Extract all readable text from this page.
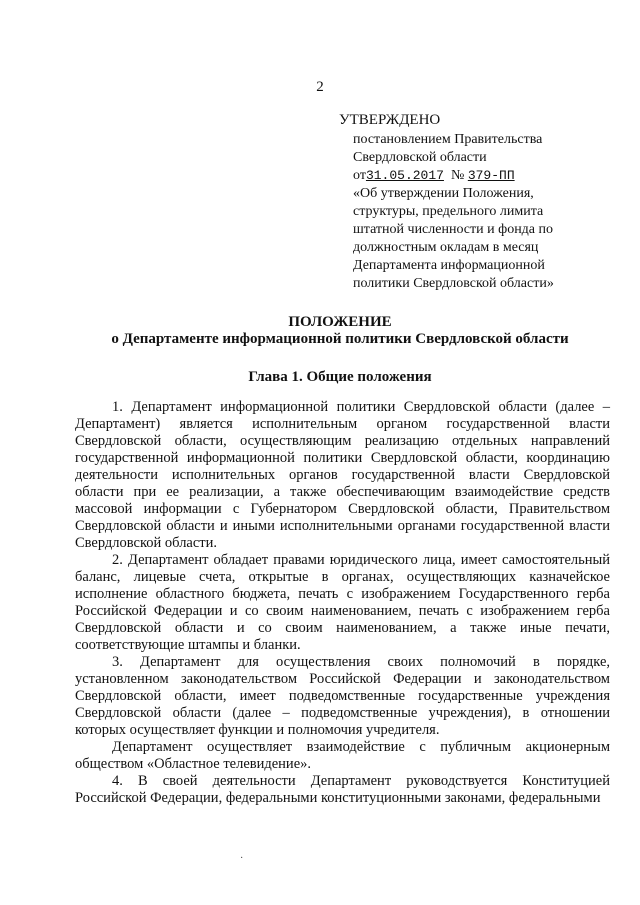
2
УТВЕРЖДЕНО
постановлением Правительства
Свердловской области
от31.05.2017 № 379-ПП
«Об утверждении Положения,
структуры, предельного лимита
штатной численности и фонда по
должностным окладам в месяц
Департамента информационной
политики Свердловской области»
ПОЛОЖЕНИЕ
о Департаменте информационной политики Свердловской области
Глава 1. Общие положения

1. Департамент информационной политики Свердловской области (далее – Департамент) является исполнительным органом государственной власти Свердловской области, осуществляющим реализацию отдельных направлений государственной информационной политики Свердловской области, координацию деятельности исполнительных органов государственной власти Свердловской области при ее реализации, а также обеспечивающим взаимодействие средств массовой информации с Губернатором Свердловской области, Правительством Свердловской области и иными исполнительными органами государственной власти Свердловской области.

2. Департамент обладает правами юридического лица, имеет самостоятельный баланс, лицевые счета, открытые в органах, осуществляющих казначейское исполнение областного бюджета, печать с изображением Государственного герба Российской Федерации и со своим наименованием, печать с изображением герба Свердловской области и со своим наименованием, а также иные печати, соответствующие штампы и бланки.

3. Департамент для осуществления своих полномочий в порядке, установленном законодательством Российской Федерации и законодательством Свердловской области, имеет подведомственные государственные учреждения Свердловской области (далее – подведомственные учреждения), в отношении которых осуществляет функции и полномочия учредителя.

Департамент осуществляет взаимодействие с публичным акционерным обществом «Областное телевидение».

4. В своей деятельности Департамент руководствуется Конституцией Российской Федерации, федеральными конституционными законами, федеральными

·
